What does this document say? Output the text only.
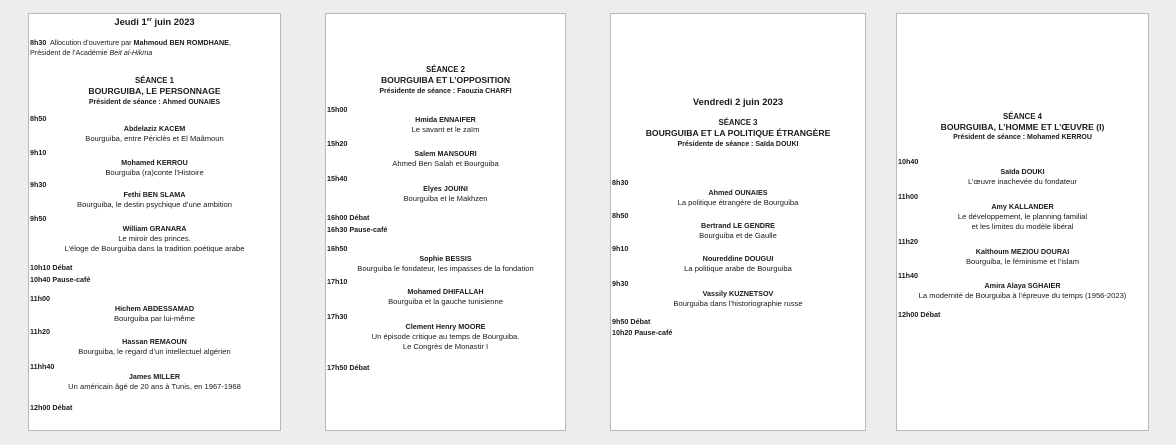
Jeudi 1er juin 2023
8h30 Allocution d’ouverture par Mahmoud BEN ROMDHANE,
Président de l’Académie Beit al-Hikma
SÉANCE 1
BOURGUIBA, LE PERSONNAGE
Président de séance : Ahmed OUNAIES
8h50
Abdelaziz KACEM
Bourguiba, entre Périclès et El Maâmoun
9h10
Mohamed KERROU
Bourguiba (ra)conte l’Histoire
9h30
Fethi BEN SLAMA
Bourguiba, le destin psychique d’une ambition
9h50
William GRANARA
Le miroir des princes.
L’éloge de Bourguiba dans la tradition poétique arabe
10h10 Débat
10h40 Pause-café
11h00
Hichem ABDESSAMAD
Bourguiba par lui-même
11h20
Hassan REMAOUN
Bourguiba, le regard d’un intellectuel algérien
11hh40
James MILLER
Un américain âgé de 20 ans à Tunis, en 1967-1968
12h00 Débat
SÉANCE 2
BOURGUIBA ET L’OPPOSITION
Présidente de séance : Faouzia CHARFI
15h00
Hmida ENNAIFER
Le savant et le zaïm
15h20
Salem MANSOURI
Ahmed Ben Salah et Bourguiba
15h40
Elyes JOUINI
Bourguiba et le Makhzen
16h00 Débat
16h30 Pause-café
16h50
Sophie BESSIS
Bourguiba le fondateur, les impasses de la fondation
17h10
Mohamed DHIFALLAH
Bourguiba et la gauche tunisienne
17h30
Clement Henry MOORE
Un épisode critique au temps de Bourguiba.
Le Congrès de Monastir I
17h50 Débat
Vendredi 2 juin 2023
SÉANCE 3
BOURGUIBA ET LA POLITIQUE ÉTRANGÈRE
Présidente de séance : Saïda DOUKI
8h30
Ahmed OUNAIES
La politique étrangère de Bourguiba
8h50
Bertrand LE GENDRE
Bourguiba et de Gaulle
9h10
Noureddine DOUGUI
La politique arabe de Bourguiba
9h30
Vassily KUZNETSOV
Bourguiba dans l’historiographie russe
9h50 Débat
10h20 Pause-café
SÉANCE 4
BOURGUIBA, L’HOMME ET L’ŒUVRE (I)
Président de séance : Mohamed KERROU
10h40
Saïda DOUKI
L’œuvre inachevée du fondateur
11h00
Amy KALLANDER
Le développement, le planning familial
et les limites du modèle libéral
11h20
Kalthoum MEZIOU DOURAI
Bourguiba, le féminisme et l’islam
11h40
Amira Alaya SGHAIER
La modernité de Bourguiba à l’épreuve du temps (1956-2023)
12h00 Débat
